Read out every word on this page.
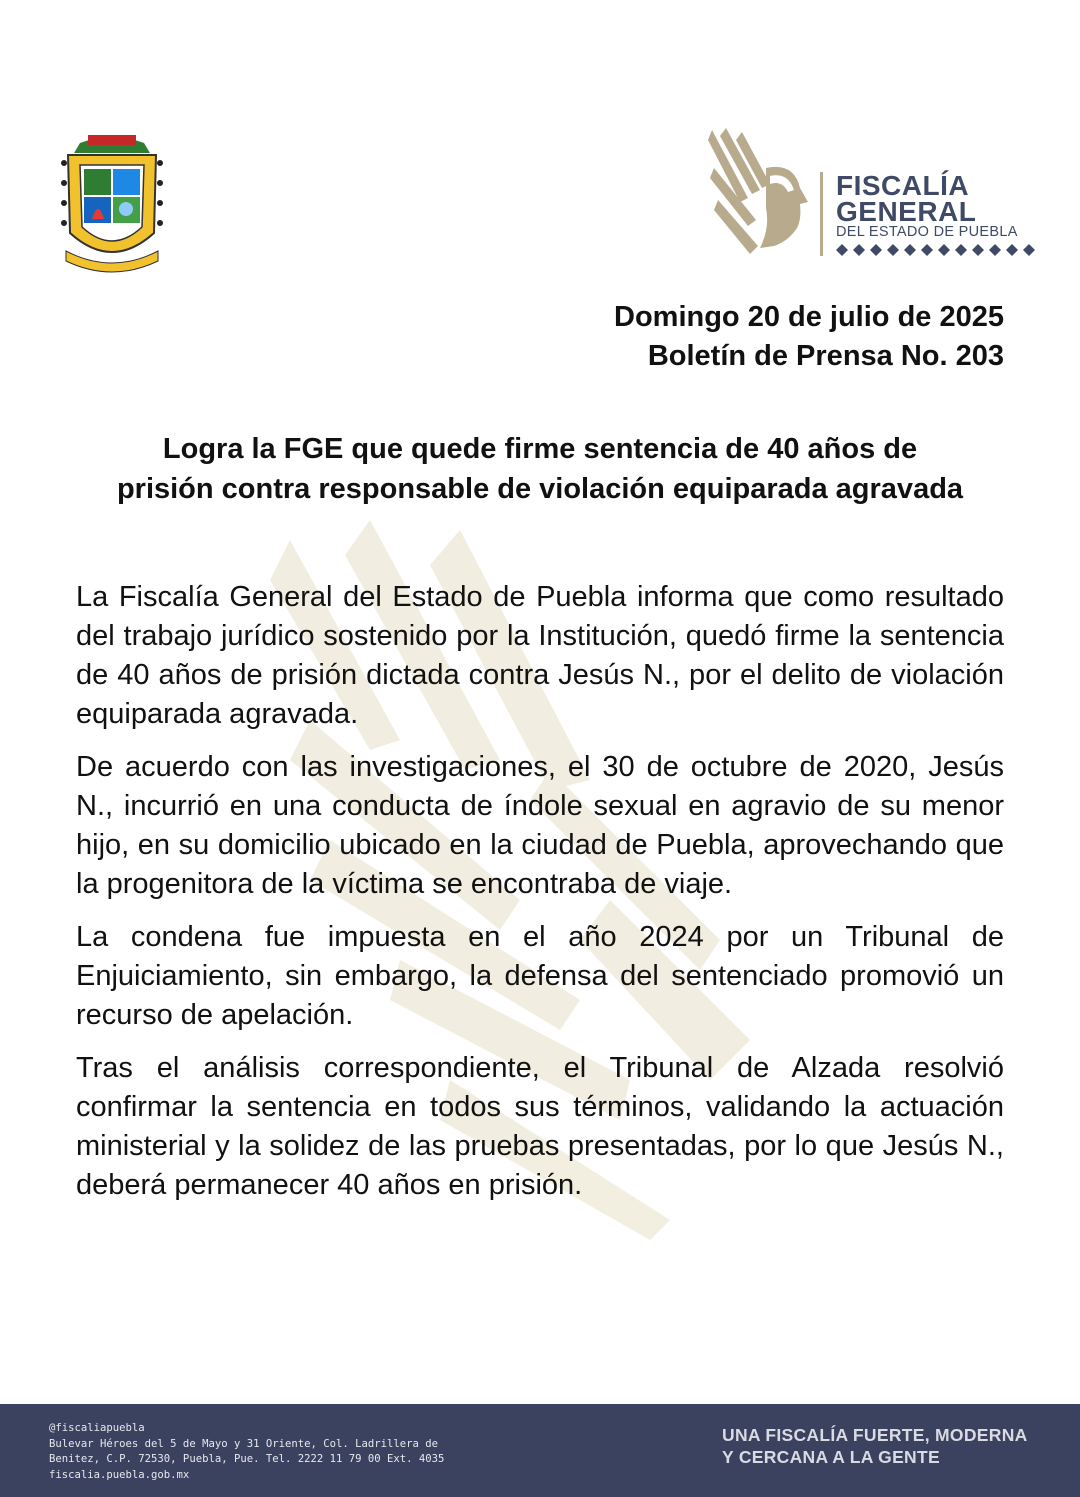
FISCALÍA
GENERAL
DEL ESTADO DE PUEBLA
Domingo 20 de julio de 2025
Boletín de Prensa No. 203
Logra la FGE que quede firme sentencia de 40 años de
prisión contra responsable de violación equiparada agravada

La Fiscalía General del Estado de Puebla informa que como resultado del trabajo jurídico sostenido por la Institución, quedó firme la sentencia de 40 años de prisión dictada contra Jesús N., por el delito de violación equiparada agravada.

De acuerdo con las investigaciones, el 30 de octubre de 2020, Jesús N., incurrió en una conducta de índole sexual en agravio de su menor hijo, en su domicilio ubicado en la ciudad de Puebla, aprovechando que la progenitora de la víctima se encontraba de viaje.

La condena fue impuesta en el año 2024 por un Tribunal de Enjuiciamiento, sin embargo, la defensa del sentenciado promovió un recurso de apelación.

Tras el análisis correspondiente, el Tribunal de Alzada resolvió confirmar la sentencia en todos sus términos, validando la actuación ministerial y la solidez de las pruebas presentadas, por lo que Jesús N., deberá permanecer 40 años en prisión.

@fiscaliapuebla
Bulevar Héroes del 5 de Mayo y 31 Oriente, Col. Ladrillera de
Benitez, C.P. 72530, Puebla, Pue. Tel. 2222 11 79 00 Ext. 4035
fiscalia.puebla.gob.mx
UNA FISCALÍA FUERTE, MODERNA
Y CERCANA A LA GENTE
